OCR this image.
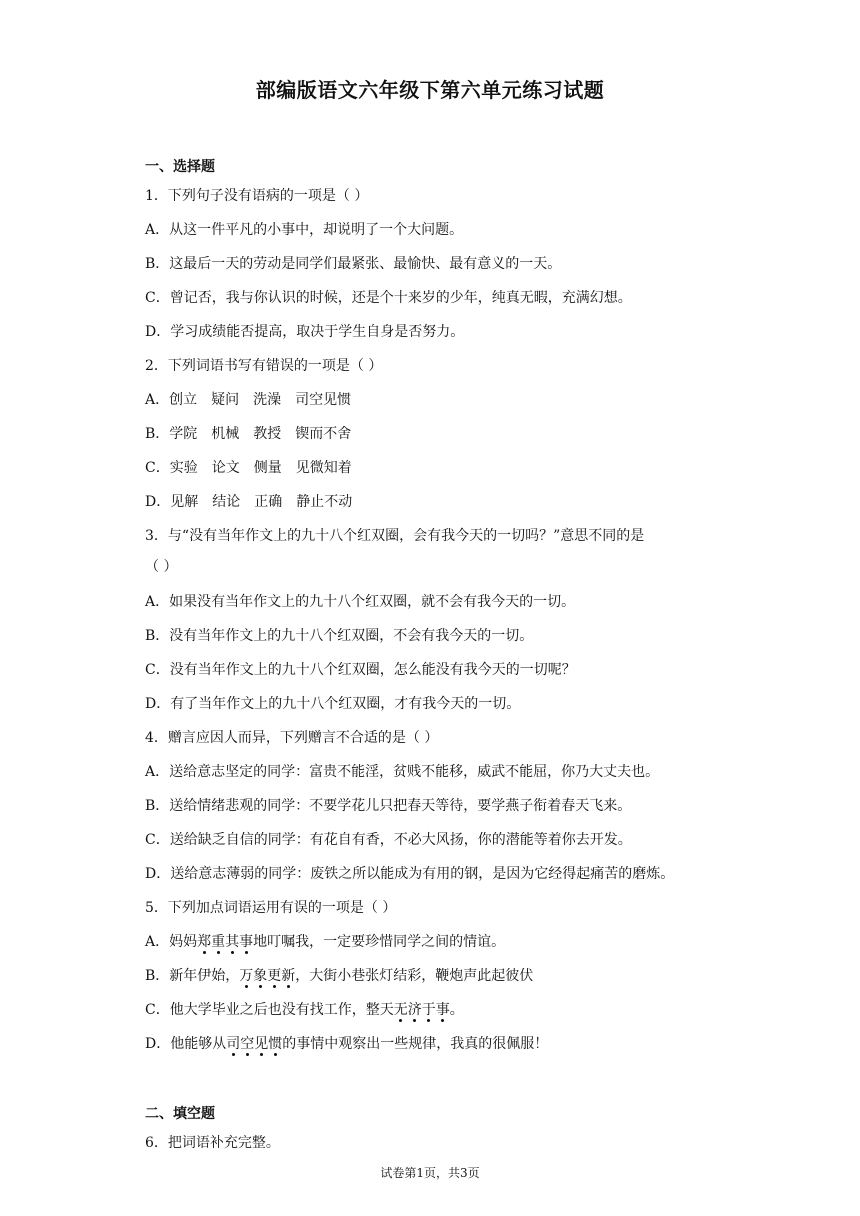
部编版语文六年级下第六单元练习试题
一、选择题
1．下列句子没有语病的一项是（ ）
A．从这一件平凡的小事中，却说明了一个大问题。
B．这最后一天的劳动是同学们最紧张、最愉快、最有意义的一天。
C．曾记否，我与你认识的时候，还是个十来岁的少年，纯真无暇，充满幻想。
D．学习成绩能否提高，取决于学生自身是否努力。
2．下列词语书写有错误的一项是（ ）
A．创立 疑问 洗澡 司空见惯
B．学院 机械 教授 锲而不舍
C．实验 论文 侧量 见微知着
D．见解 结论 正确 静止不动
3．与“没有当年作文上的九十八个红双圈，会有我今天的一切吗？”意思不同的是
（ ）
A．如果没有当年作文上的九十八个红双圈，就不会有我今天的一切。
B．没有当年作文上的九十八个红双圈，不会有我今天的一切。
C．没有当年作文上的九十八个红双圈，怎么能没有我今天的一切呢？
D．有了当年作文上的九十八个红双圈，才有我今天的一切。
4．赠言应因人而异，下列赠言不合适的是（ ）
A．送给意志坚定的同学：富贵不能淫，贫贱不能移，威武不能屈，你乃大丈夫也。
B．送给情绪悲观的同学：不要学花儿只把春天等待，要学燕子衔着春天飞来。
C．送给缺乏自信的同学：有花自有香，不必大风扬，你的潜能等着你去开发。
D．送给意志薄弱的同学：废铁之所以能成为有用的钢，是因为它经得起痛苦的磨炼。
5．下列加点词语运用有误的一项是（ ）
A．妈妈郑重其事地叮嘱我，一定要珍惜同学之间的情谊。
B．新年伊始，万象更新，大街小巷张灯结彩，鞭炮声此起彼伏
C．他大学毕业之后也没有找工作，整天无济于事。
D．他能够从司空见惯的事情中观察出一些规律，我真的很佩服！
二、填空题
6．把词语补充完整。
试卷第1页，共3页
